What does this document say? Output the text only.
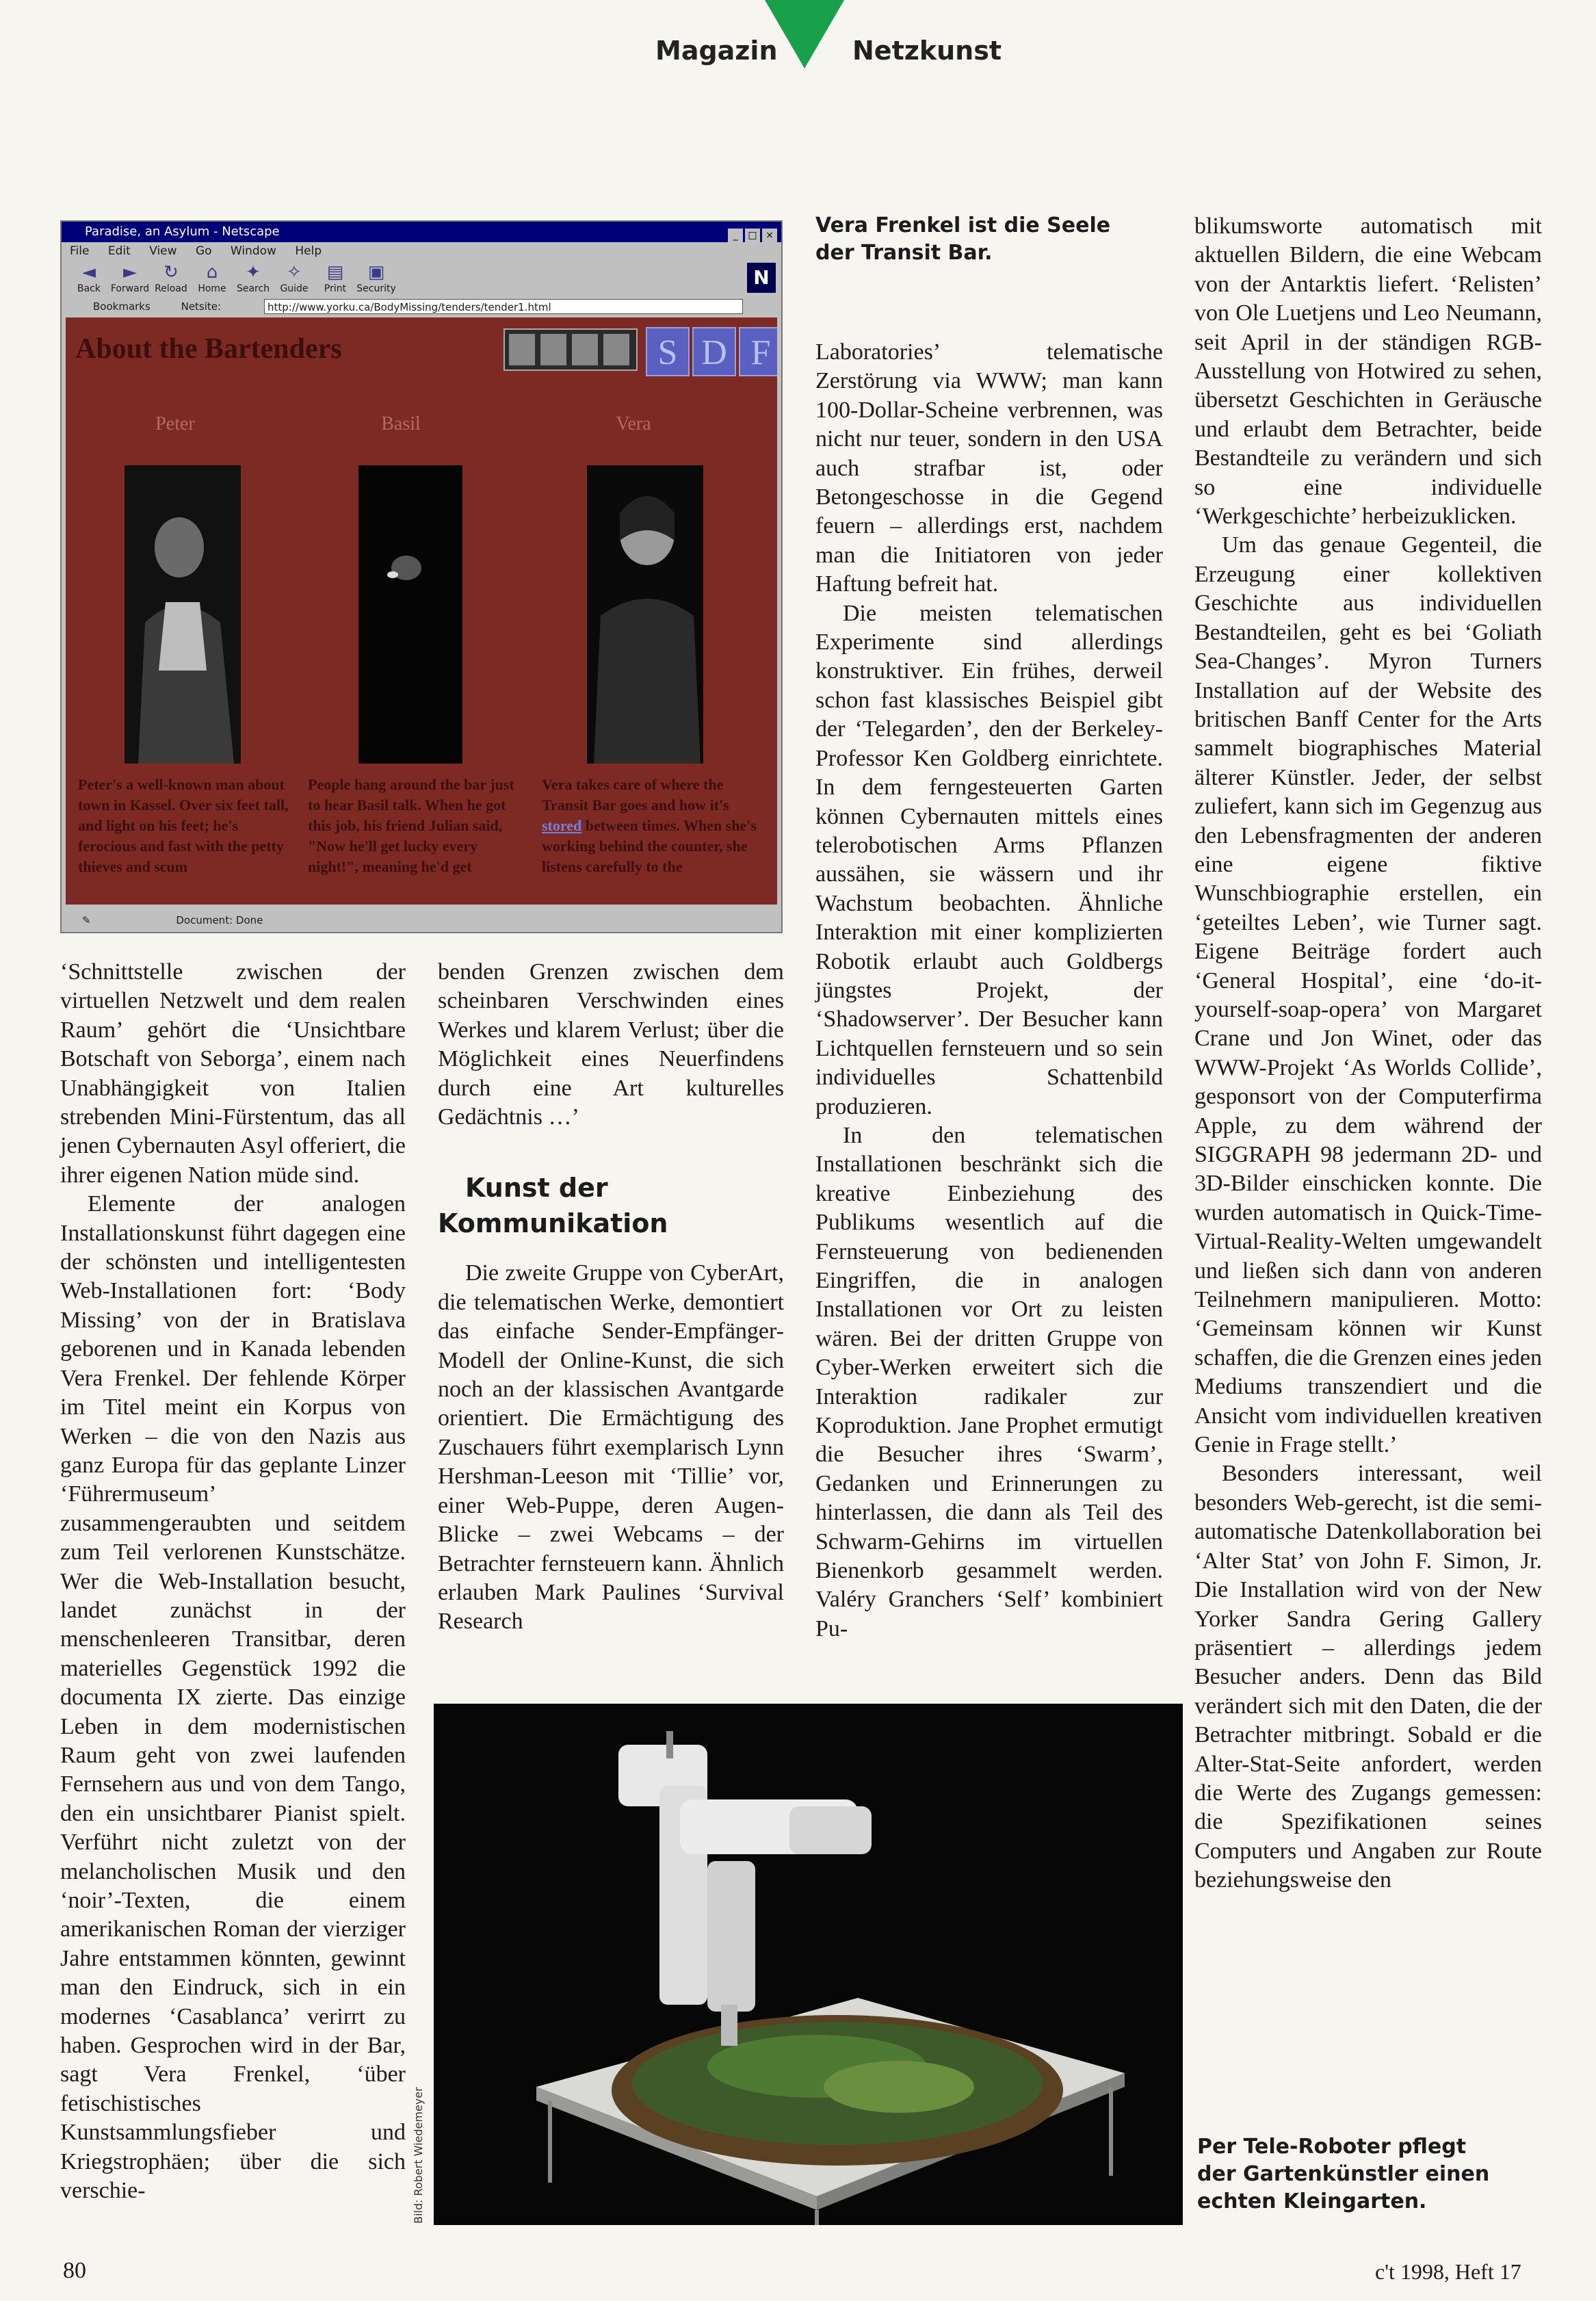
Magazin	Netzkunst
Paradise, an Asylum - Netscape	_ □ ×
File Edit View Go Window Help
◄
Back
►
Forward
↻
Reload
⌂
Home
✦
Search
✧
Guide
▤
Print
▣
Security	N
Bookmarks	Netsite:	http://www.yorku.ca/BodyMissing/tenders/tender1.html
About the Bartenders	S D F
Peter	Basil	Vera
Peter's a well-known man about town in Kassel. Over six feet tall, and light on his feet; he's ferocious and fast with the petty thieves and scum
People hang around the bar just to hear Basil talk. When he got this job, his friend Julian said, "Now he'll get lucky every night!", meaning he'd get
Vera takes care of where the Transit Bar goes and how it's stored between times. When she's working behind the counter, she listens carefully to the
✎	Document: Done

‘Schnittstelle zwischen der virtuellen Netzwelt und dem realen Raum’ gehört die ‘Unsichtbare Botschaft von Seborga’, einem nach Unabhängigkeit von Italien strebenden Mini-Fürstentum, das all jenen Cybernauten Asyl offeriert, die ihrer eigenen Nation müde sind.

Elemente der analogen Installationskunst führt dagegen eine der schönsten und intelligentesten Web-Installationen fort: ‘Body Missing’ von der in Bratislava geborenen und in Kanada lebenden Vera Frenkel. Der fehlende Körper im Titel meint ein Korpus von Werken – die von den Nazis aus ganz Europa für das geplante Linzer ‘Führermuseum’ zusammengeraubten und seitdem zum Teil verlorenen Kunstschätze. Wer die Web-Installation besucht, landet zunächst in der menschenleeren Transitbar, deren materielles Gegenstück 1992 die documenta IX zierte. Das einzige Leben in dem modernistischen Raum geht von zwei laufenden Fernsehern aus und von dem Tango, den ein unsichtbarer Pianist spielt. Verführt nicht zuletzt von der melancholischen Musik und den ‘noir’-Texten, die einem amerikanischen Roman der vierziger Jahre entstammen könnten, gewinnt man den Eindruck, sich in ein modernes ‘Casablanca’ verirrt zu haben. Gesprochen wird in der Bar, sagt Vera Frenkel, ‘über fetischistisches Kunstsammlungsfieber und Kriegstrophäen; über die sich verschie-

benden Grenzen zwischen dem scheinbaren Verschwinden eines Werkes und klarem Verlust; über die Möglichkeit eines Neuerfindens durch eine Art kulturelles Gedächtnis …’

Kunst der
Kommunikation

Die zweite Gruppe von CyberArt, die telematischen Werke, demontiert das einfache Sender-Empfänger-Modell der Online-Kunst, die sich noch an der klassischen Avantgarde orientiert. Die Ermächtigung des Zuschauers führt exemplarisch Lynn Hershman-Leeson mit ‘Tillie’ vor, einer Web-Puppe, deren Augen-Blicke – zwei Webcams – der Betrachter fernsteuern kann. Ähnlich erlauben Mark Paulines ‘Survival Research

Vera Frenkel ist die Seele
der Transit Bar.

Laboratories’ telematische Zerstörung via WWW; man kann 100-Dollar-Scheine verbrennen, was nicht nur teuer, sondern in den USA auch strafbar ist, oder Betongeschosse in die Gegend feuern – allerdings erst, nachdem man die Initiatoren von jeder Haftung befreit hat.

Die meisten telematischen Experimente sind allerdings konstruktiver. Ein frühes, derweil schon fast klassisches Beispiel gibt der ‘Telegarden’, den der Berkeley-Professor Ken Goldberg einrichtete. In dem ferngesteuerten Garten können Cybernauten mittels eines telerobotischen Arms Pflanzen aussähen, sie wässern und ihr Wachstum beobachten. Ähnliche Interaktion mit einer komplizierten Robotik erlaubt auch Goldbergs jüngstes Projekt, der ‘Shadowserver’. Der Besucher kann Lichtquellen fernsteuern und so sein individuelles Schattenbild produzieren.

In den telematischen Installationen beschränkt sich die kreative Einbeziehung des Publikums wesentlich auf die Fernsteuerung von bedienenden Eingriffen, die in analogen Installationen vor Ort zu leisten wären. Bei der dritten Gruppe von Cyber-Werken erweitert sich die Interaktion radikaler zur Koproduktion. Jane Prophet ermutigt die Besucher ihres ‘Swarm’, Gedanken und Erinnerungen zu hinterlassen, die dann als Teil des Schwarm-Gehirns im virtuellen Bienenkorb gesammelt werden. Valéry Granchers ‘Self’ kombiniert Pu-

blikumsworte automatisch mit aktuellen Bildern, die eine Webcam von der Antarktis liefert. ‘Relisten’ von Ole Luetjens und Leo Neumann, seit April in der ständigen RGB-Ausstellung von Hotwired zu sehen, übersetzt Geschichten in Geräusche und erlaubt dem Betrachter, beide Bestandteile zu verändern und sich so eine individuelle ‘Werkgeschichte’ herbeizuklicken.

Um das genaue Gegenteil, die Erzeugung einer kollektiven Geschichte aus individuellen Bestandteilen, geht es bei ‘Goliath Sea-Changes’. Myron Turners Installation auf der Website des britischen Banff Center for the Arts sammelt biographisches Material älterer Künstler. Jeder, der selbst zuliefert, kann sich im Gegenzug aus den Lebensfragmenten der anderen eine eigene fiktive Wunschbiographie erstellen, ein ‘geteiltes Leben’, wie Turner sagt. Eigene Beiträge fordert auch ‘General Hospital’, eine ‘do-it-yourself-soap-opera’ von Margaret Crane und Jon Winet, oder das WWW-Projekt ‘As Worlds Collide’, gesponsort von der Computerfirma Apple, zu dem während der SIGGRAPH 98 jedermann 2D- und 3D-Bilder einschicken konnte. Die wurden automatisch in Quick-Time-Virtual-Reality-Welten umgewandelt und ließen sich dann von anderen Teilnehmern manipulieren. Motto: ‘Gemeinsam können wir Kunst schaffen, die die Grenzen eines jeden Mediums transzendiert und die Ansicht vom individuellen kreativen Genie in Frage stellt.’

Besonders interessant, weil besonders Web-gerecht, ist die semi-automatische Datenkollaboration bei ‘Alter Stat’ von John F. Simon, Jr. Die Installation wird von der New Yorker Sandra Gering Gallery präsentiert – allerdings jedem Besucher anders. Denn das Bild verändert sich mit den Daten, die der Betrachter mitbringt. Sobald er die Alter-Stat-Seite anfordert, werden die Werte des Zugangs gemessen: die Spezifikationen seines Computers und Angaben zur Route beziehungsweise den

Per Tele-Roboter pflegt
der Gartenkünstler einen
echten Kleingarten.
Bild: Robert Wiedemeyer
80	c't 1998, Heft 17
